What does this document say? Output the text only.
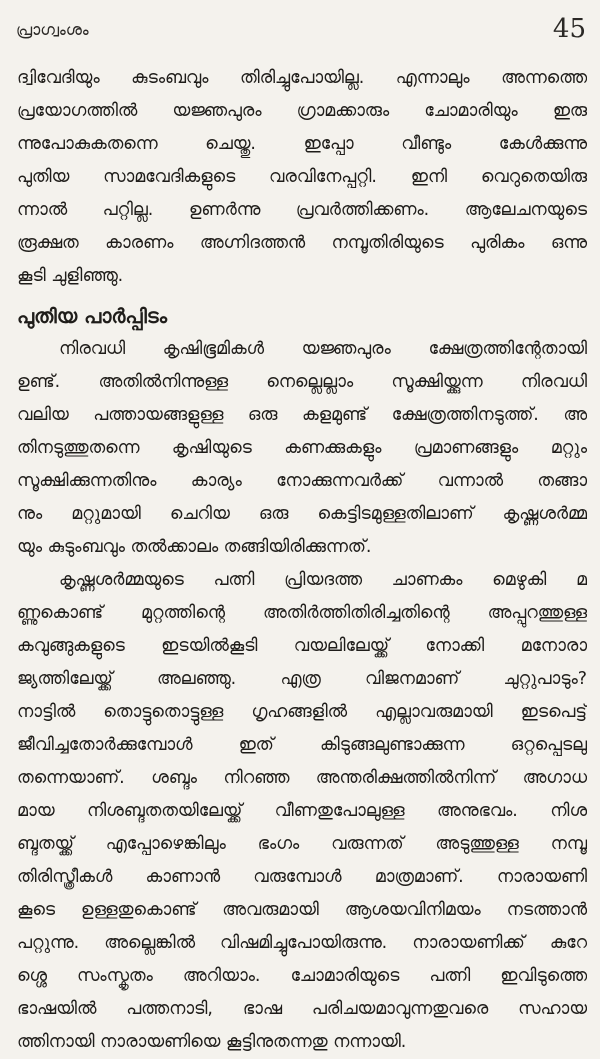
പ്രാഗ്വംശം	45
ദ്വിവേദിയും കുടംബവും തിരിച്ചുപോയില്ല. എന്നാലും അന്നത്തെ
പ്രയോഗത്തിൽ യജ്ഞപുരം ഗ്രാമക്കാരും ചോമാരിയും ഇരു
ന്നുപോകുകതന്നെ ചെയ്തു. ഇപ്പോ വീണ്ടും കേൾക്കുന്നു
പുതിയ സാമവേദികളുടെ വരവിനേപ്പറ്റി. ഇനി വെറുതെയിരു
ന്നാൽ പറ്റില്ല. ഉണർന്നു പ്രവർത്തിക്കണം. ആലേചനയുടെ
രൂക്ഷത കാരണം അഗ്നിദത്തൻ നമ്പൂതിരിയുടെ പുരികം ഒന്നു
കൂടി ചുളിഞ്ഞു.
പുതിയ പാർപ്പിടം
നിരവധി കൃഷിഭൂമികൾ യജ്ഞപുരം ക്ഷേത്രത്തിന്റേതായി
ഉണ്ട്. അതിൽനിന്നുള്ള നെല്ലെല്ലാം സൂക്ഷിയ്ക്കുന്ന നിരവധി
വലിയ പത്തായങ്ങളുള്ള ഒരു കളമുണ്ട് ക്ഷേത്രത്തിനടുത്ത്. അ
തിനടുത്തുതന്നെ കൃഷിയുടെ കണക്കുകളും പ്രമാണങ്ങളും മറ്റും
സൂക്ഷിക്കുന്നതിനും കാര്യം നോക്കുന്നവർക്ക് വന്നാൽ തങ്ങാ
നും മറ്റുമായി ചെറിയ ഒരു കെട്ടിടമുള്ളതിലാണ് കൃഷ്ണശർമ്മ
യും കുടുംബവും തൽക്കാലം തങ്ങിയിരിക്കുന്നത്.
കൃഷ്ണശർമ്മയുടെ പത്നി പ്രിയദത്ത ചാണകം മെഴുകി മ
ണ്ണുകൊണ്ട് മുറ്റത്തിന്റെ അതിർത്തിതിരിച്ചതിന്റെ അപ്പുറത്തുള്ള
കവുങ്ങുകളുടെ ഇടയിൽകൂടി വയലിലേയ്ക്ക് നോക്കി മനോരാ
ജ്യത്തിലേയ്ക്ക് അലഞ്ഞു. എത്ര വിജനമാണ് ചുറ്റുപാടും?
നാട്ടിൽ തൊട്ടുതൊട്ടുള്ള ഗൃഹങ്ങളിൽ എല്ലാവരുമായി ഇടപെട്ട്
ജീവിച്ചതോർക്കുമ്പോൾ ഇത് കിടുങ്ങലുണ്ടാക്കുന്ന ഒറ്റപ്പെടലു
തന്നെയാണ്. ശബ്ദം നിറഞ്ഞ അന്തരിക്ഷത്തിൽനിന്ന് അഗാധ
മായ നിശബ്ദതതയിലേയ്ക്ക് വീണതുപോലുള്ള അനുഭവം. നിശ
ബ്ദതയ്ക്ക് എപ്പോഴെങ്കിലും ഭംഗം വരുന്നത് അടുത്തുള്ള നമ്പൂ
തിരിസ്ത്രീകൾ കാണാൻ വരുമ്പോൾ മാത്രമാണ്. നാരായണി
കൂടെ ഉള്ളതുകൊണ്ട് അവരുമായി ആശയവിനിമയം നടത്താൻ
പറ്റുന്നു. അല്ലെങ്കിൽ വിഷമിച്ചുപോയിരുന്നു. നാരായണിക്ക് കുറേ
ശ്ശെ സംസ്കൃതം അറിയാം. ചോമാരിയുടെ പത്നി ഇവിടുത്തെ
ഭാഷയിൽ പത്തനാടി, ഭാഷ പരിചയമാവുന്നതുവരെ സഹായ
ത്തിനായി നാരായണിയെ കൂട്ടിനുതന്നതു നന്നായി.
